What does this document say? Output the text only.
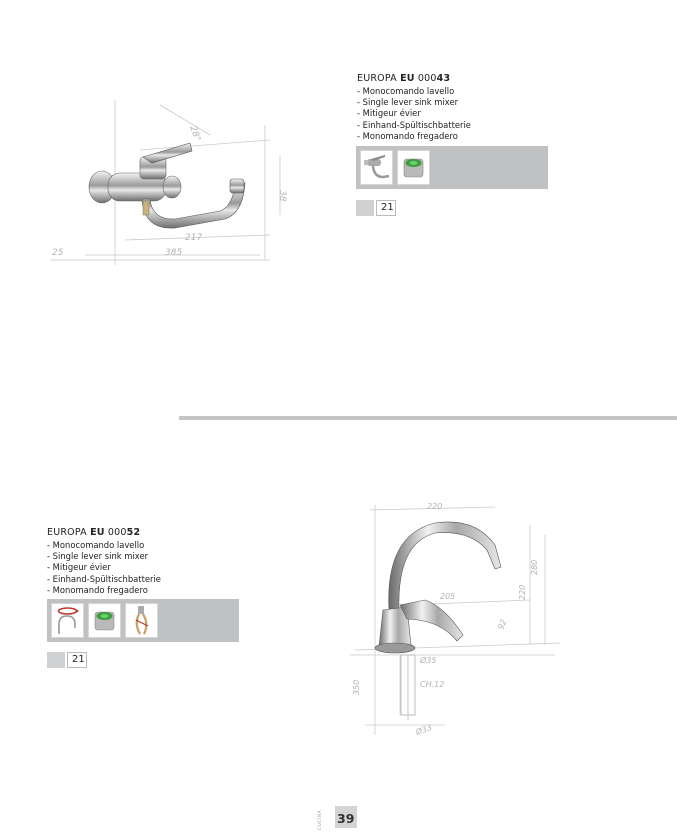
28°
217
385
25
38
EUROPA EU 00043
- Monocomando lavello
- Single lever sink mixer
- Mitigeur évier
- Einhand-Spültischbatterie
- Monomando fregadero
21
EUROPA EU 00052
- Monocomando lavello
- Single lever sink mixer
- Mitigeur évier
- Einhand-Spültischbatterie
- Monomando fregadero
21
220
205
280
220
92
Ø35
CH.12
350
Ø33
CUCINA	39
